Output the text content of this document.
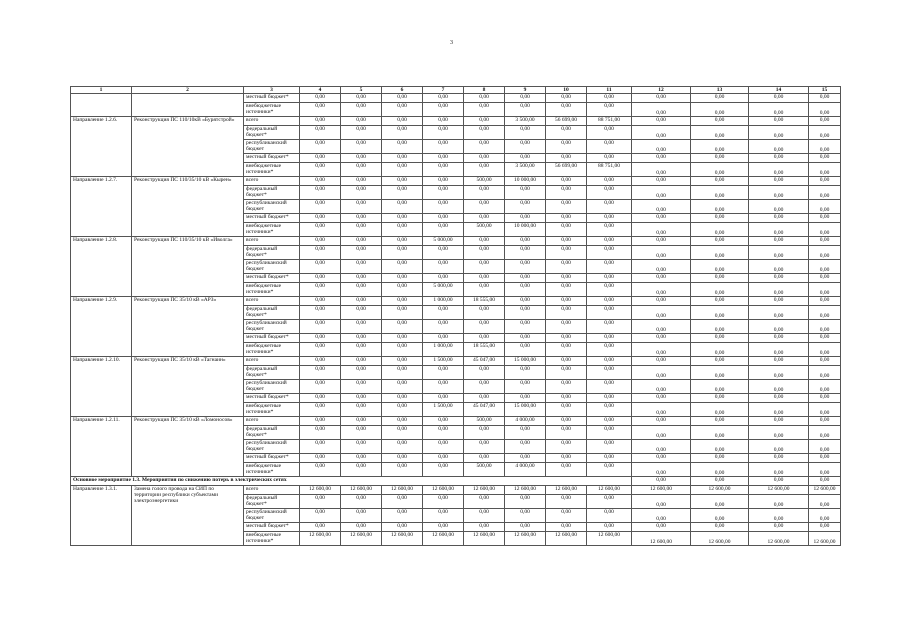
3
1	2	3	4	5	6	7	8	9	10	11	12	13	14	15
		местный бюджет*	0,00	0,00	0,00	0,00	0,00	0,00	0,00	0,00	0,00	0,00	0,00	0,00
		внебюджетные источники*	0,00	0,00	0,00	0,00	0,00	0,00	0,00	0,00	0,00	0,00	0,00	0,00
Направление 1.2.6.	Реконструкция ПС 110/10кВ «Бурятстрой»	всего	0,00	0,00	0,00	0,00	0,00	3 500,00	56 699,00	88 751,00	0,00	0,00	0,00	0,00
		федеральный бюджет*	0,00	0,00	0,00	0,00	0,00	0,00	0,00	0,00	0,00	0,00	0,00	0,00
		республиканский бюджет	0,00	0,00	0,00	0,00	0,00	0,00	0,00	0,00	0,00	0,00	0,00	0,00
		местный бюджет*	0,00	0,00	0,00	0,00	0,00	0,00	0,00	0,00	0,00	0,00	0,00	0,00
		внебюджетные источники*	0,00	0,00	0,00	0,00	0,00	3 500,00	56 699,00	88 751,00	0,00	0,00	0,00	0,00
Направление 1.2.7.	Реконструкция ПС 110/35/10 кВ «Кырен»	всего	0,00	0,00	0,00	0,00	500,00	10 000,00	0,00	0,00	0,00	0,00	0,00	0,00
		федеральный бюджет*	0,00	0,00	0,00	0,00	0,00	0,00	0,00	0,00	0,00	0,00	0,00	0,00
		республиканский бюджет	0,00	0,00	0,00	0,00	0,00	0,00	0,00	0,00	0,00	0,00	0,00	0,00
		местный бюджет*	0,00	0,00	0,00	0,00	0,00	0,00	0,00	0,00	0,00	0,00	0,00	0,00
		внебюджетные источники*	0,00	0,00	0,00	0,00	500,00	10 000,00	0,00	0,00	0,00	0,00	0,00	0,00
Направление 1.2.8.	Реконструкция ПС 110/35/10 кВ «Иволга»	всего	0,00	0,00	0,00	5 000,00	0,00	0,00	0,00	0,00	0,00	0,00	0,00	0,00
		федеральный бюджет*	0,00	0,00	0,00	0,00	0,00	0,00	0,00	0,00	0,00	0,00	0,00	0,00
		республиканский бюджет	0,00	0,00	0,00	0,00	0,00	0,00	0,00	0,00	0,00	0,00	0,00	0,00
		местный бюджет*	0,00	0,00	0,00	0,00	0,00	0,00	0,00	0,00	0,00	0,00	0,00	0,00
		внебюджетные источники*	0,00	0,00	0,00	5 000,00	0,00	0,00	0,00	0,00	0,00	0,00	0,00	0,00
Направление 1.2.9.	Реконструкция ПС 35/10 кВ «АРЗ»	всего	0,00	0,00	0,00	1 000,00	18 555,00	0,00	0,00	0,00	0,00	0,00	0,00	0,00
		федеральный бюджет*	0,00	0,00	0,00	0,00	0,00	0,00	0,00	0,00	0,00	0,00	0,00	0,00
		республиканский бюджет	0,00	0,00	0,00	0,00	0,00	0,00	0,00	0,00	0,00	0,00	0,00	0,00
		местный бюджет*	0,00	0,00	0,00	0,00	0,00	0,00	0,00	0,00	0,00	0,00	0,00	0,00
		внебюджетные источники*	0,00	0,00	0,00	1 000,00	18 555,00	0,00	0,00	0,00	0,00	0,00	0,00	0,00
Направление 1.2.10.	Реконструкция ПС 35/10 кВ «Тагнаин»	всего	0,00	0,00	0,00	1 500,00	45 047,00	15 000,00	0,00	0,00	0,00	0,00	0,00	0,00
		федеральный бюджет*	0,00	0,00	0,00	0,00	0,00	0,00	0,00	0,00	0,00	0,00	0,00	0,00
		республиканский бюджет	0,00	0,00	0,00	0,00	0,00	0,00	0,00	0,00	0,00	0,00	0,00	0,00
		местный бюджет*	0,00	0,00	0,00	0,00	0,00	0,00	0,00	0,00	0,00	0,00	0,00	0,00
		внебюджетные источники*	0,00	0,00	0,00	1 500,00	45 047,00	15 000,00	0,00	0,00	0,00	0,00	0,00	0,00
Направление 1.2.11.	Реконструкция ПС 35/10 кВ «Ломоносов»	всего	0,00	0,00	0,00	0,00	500,00	4 000,00	0,00	0,00	0,00	0,00	0,00	0,00
		федеральный бюджет*	0,00	0,00	0,00	0,00	0,00	0,00	0,00	0,00	0,00	0,00	0,00	0,00
		республиканский бюджет	0,00	0,00	0,00	0,00	0,00	0,00	0,00	0,00	0,00	0,00	0,00	0,00
		местный бюджет*	0,00	0,00	0,00	0,00	0,00	0,00	0,00	0,00	0,00	0,00	0,00	0,00
		внебюджетные источники*	0,00	0,00	0,00	0,00	500,00	4 000,00	0,00	0,00	0,00	0,00	0,00	0,00
Основное мероприятие 1.3. Мероприятия по снижению потерь в электрических сетях											0,00	0,00	0,00	0,00
Направление 1.3.1.	Замена голого провода на СИП по территории республики субъектами электроэнергетики	всего	12 600,00	12 600,00	12 600,00	12 600,00	12 600,00	12 600,00	12 600,00	12 600,00	12 600,00	12 600,00	12 600,00	12 600,00
		федеральный бюджет*	0,00	0,00	0,00	0,00	0,00	0,00	0,00	0,00	0,00	0,00	0,00	0,00
		республиканский бюджет	0,00	0,00	0,00	0,00	0,00	0,00	0,00	0,00	0,00	0,00	0,00	0,00
		местный бюджет*	0,00	0,00	0,00	0,00	0,00	0,00	0,00	0,00	0,00	0,00	0,00	0,00
		внебюджетные источники*	12 600,00	12 600,00	12 600,00	12 600,00	12 600,00	12 600,00	12 600,00	12 600,00	12 600,00	12 600,00	12 600,00	12 600,00
